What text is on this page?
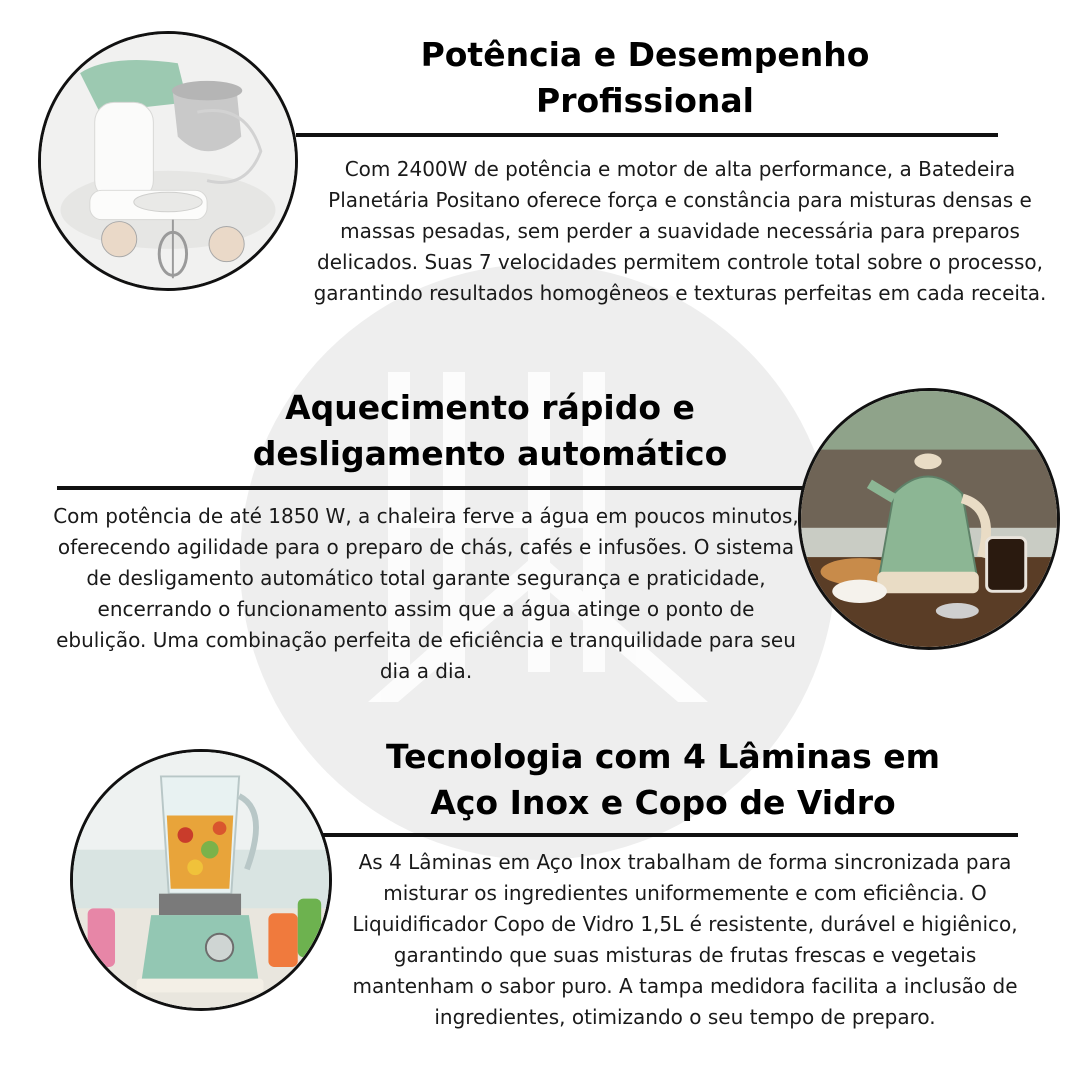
Potência e Desempenho
Profissional

Com 2400W de potência e motor de alta performance, a Batedeira Planetária Positano oferece força e constância para misturas densas e massas pesadas, sem perder a suavidade necessária para preparos delicados. Suas 7 velocidades permitem controle total sobre o processo, garantindo resultados homogêneos e texturas perfeitas em cada receita.

Aquecimento rápido e
desligamento automático

Com potência de até 1850 W, a chaleira ferve a água em poucos minutos, oferecendo agilidade para o preparo de chás, cafés e infusões. O sistema de desligamento automático total garante segurança e praticidade, encerrando o funcionamento assim que a água atinge o ponto de ebulição. Uma combinação perfeita de eficiência e tranquilidade para seu dia a dia.

Tecnologia com 4 Lâminas em
Aço Inox e Copo de Vidro

As 4 Lâminas em Aço Inox trabalham de forma sincronizada para misturar os ingredientes uniformemente e com eficiência. O Liquidificador Copo de Vidro 1,5L é resistente, durável e higiênico, garantindo que suas misturas de frutas frescas e vegetais mantenham o sabor puro. A tampa medidora facilita a inclusão de ingredientes, otimizando o seu tempo de preparo.
